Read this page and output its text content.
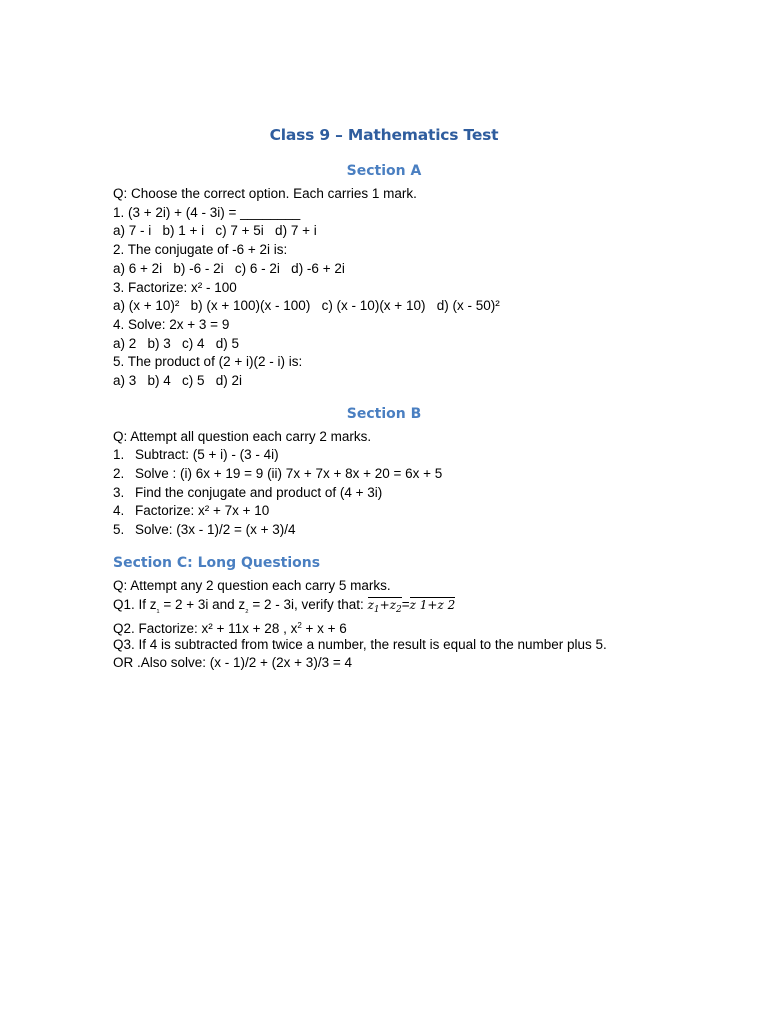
Class 9 – Mathematics Test
Section A
Q: Choose the correct option. Each carries 1 mark.
1. (3 + 2i) + (4 - 3i) = ________
a) 7 - i   b) 1 + i   c) 7 + 5i   d) 7 + i
2. The conjugate of -6 + 2i is:
a) 6 + 2i   b) -6 - 2i   c) 6 - 2i   d) -6 + 2i
3. Factorize: x² - 100
a) (x + 10)²   b) (x + 100)(x - 100)   c) (x - 10)(x + 10)   d) (x - 50)²
4. Solve: 2x + 3 = 9
a) 2   b) 3   c) 4   d) 5
5. The product of (2 + i)(2 - i) is:
a) 3   b) 4   c) 5   d) 2i
Section B
Q: Attempt all question each carry 2 marks.
1. Subtract: (5 + i) - (3 - 4i)
2. Solve : (i) 6x + 19 = 9 (ii) 7x + 7x + 8x + 20 = 6x + 5
3. Find the conjugate and product of (4 + 3i)
4. Factorize: x² + 7x + 10
5. Solve: (3x - 1)/2 = (x + 3)/4
Section C: Long Questions
Q: Attempt any 2 question each carry 5 marks.
Q1. If $z_{_1} = 2 + 3i$ and $z_{_2} = 2 - 3i$, verify that: $z_1+z_2=z$ 1+z 2
Q2. Factorize: x² + 11x + 28 , $x^2 + x + 6$
Q3. If 4 is subtracted from twice a number, the result is equal to the number plus 5.
OR .Also solve: (x - 1)/2 + (2x + 3)/3 = 4
